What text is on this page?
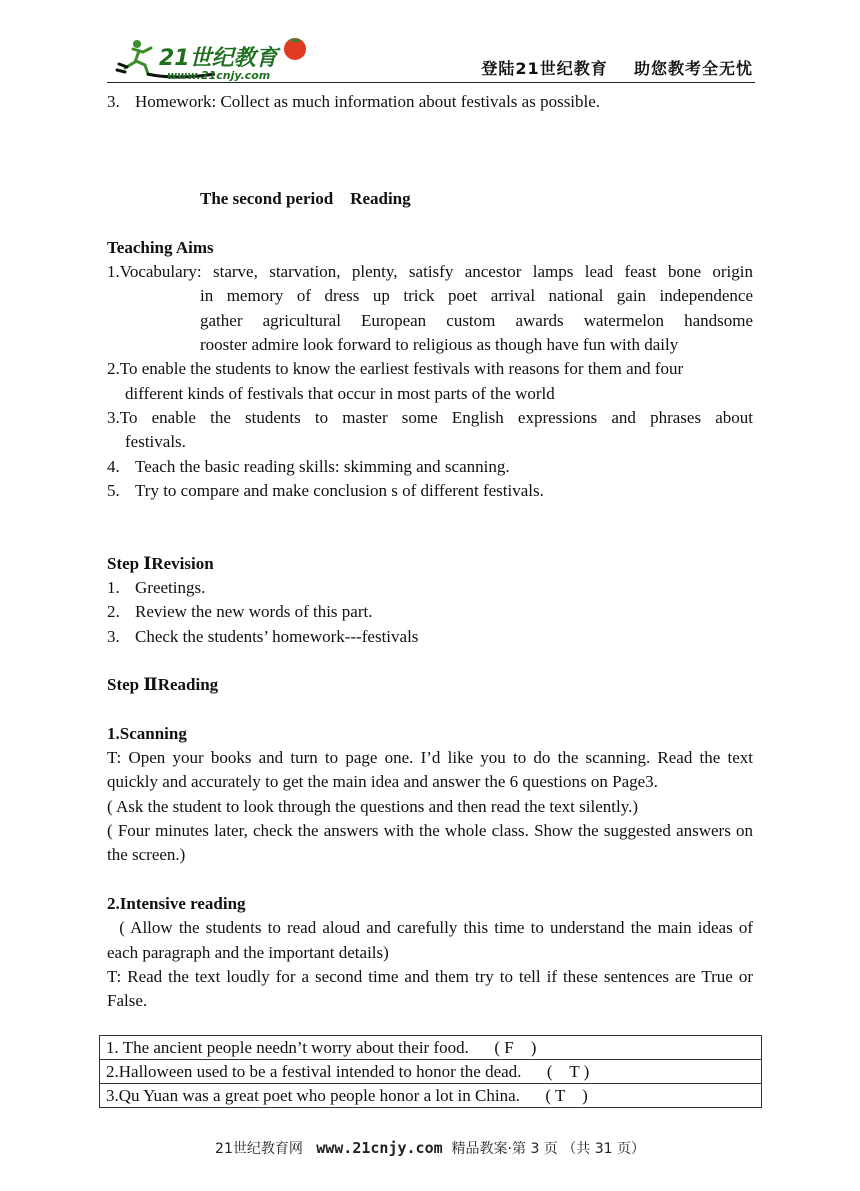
21世纪教育
www.21cnjy.com	登陆21世纪教育 助您教考全无忧

3. Homework: Collect as much information about festivals as possible.

The second period    Reading

Teaching Aims

1.Vocabulary: starve, starvation, plenty, satisfy ancestor lamps lead feast bone origin

in memory of dress up trick poet arrival national gain independence

gather agricultural European custom awards watermelon handsome

rooster admire look forward to religious as though have fun with daily

2.To enable the students to know the earliest festivals with reasons for them and four

different kinds of festivals that occur in most parts of the world

3.To enable the students to master some English expressions and phrases about

festivals.

4. Teach the basic reading skills: skimming and scanning.

5. Try to compare and make conclusion s of different festivals.

Step ⅠRevision

1. Greetings.

2. Review the new words of this part.

3. Check the students’ homework---festivals

Step ⅡReading

1.Scanning

T: Open your books and turn to page one. I’d like you to do the scanning. Read the text quickly and accurately to get the main idea and answer the 6 questions on Page3.

( Ask the student to look through the questions and then read the text silently.)

( Four minutes later, check the answers with the whole class. Show the suggested answers on the screen.)

2.Intensive reading

( Allow the students to read aloud and carefully this time to understand the main ideas of each paragraph and the important details)

T: Read the text loudly for a second time and them try to tell if these sentences are True or False.

1. The ancient people needn’t worry about their food.      ( F    )
2.Halloween used to be a festival intended to honor the dead.      (    T )
3.Qu Yuan was a great poet who people honor a lot in China.      ( T    )
21世纪教育网   www.21cnjy.com  精品教案·第 3 页 （共 31 页）
